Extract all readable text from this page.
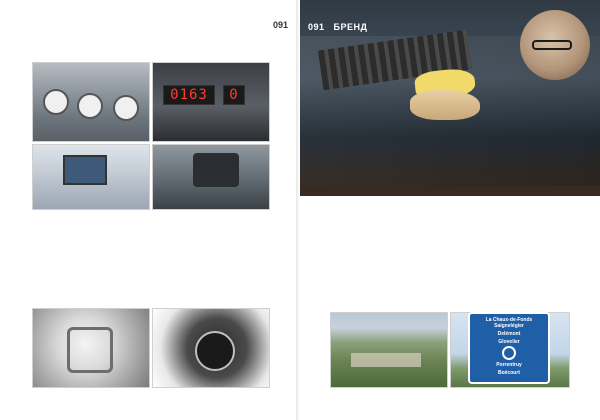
091
0163	0
091 БРЕНД
La Chaux-de-Fonds
Saignelégier
Delémont
Glovelier
Porrentruy
Boécourt
